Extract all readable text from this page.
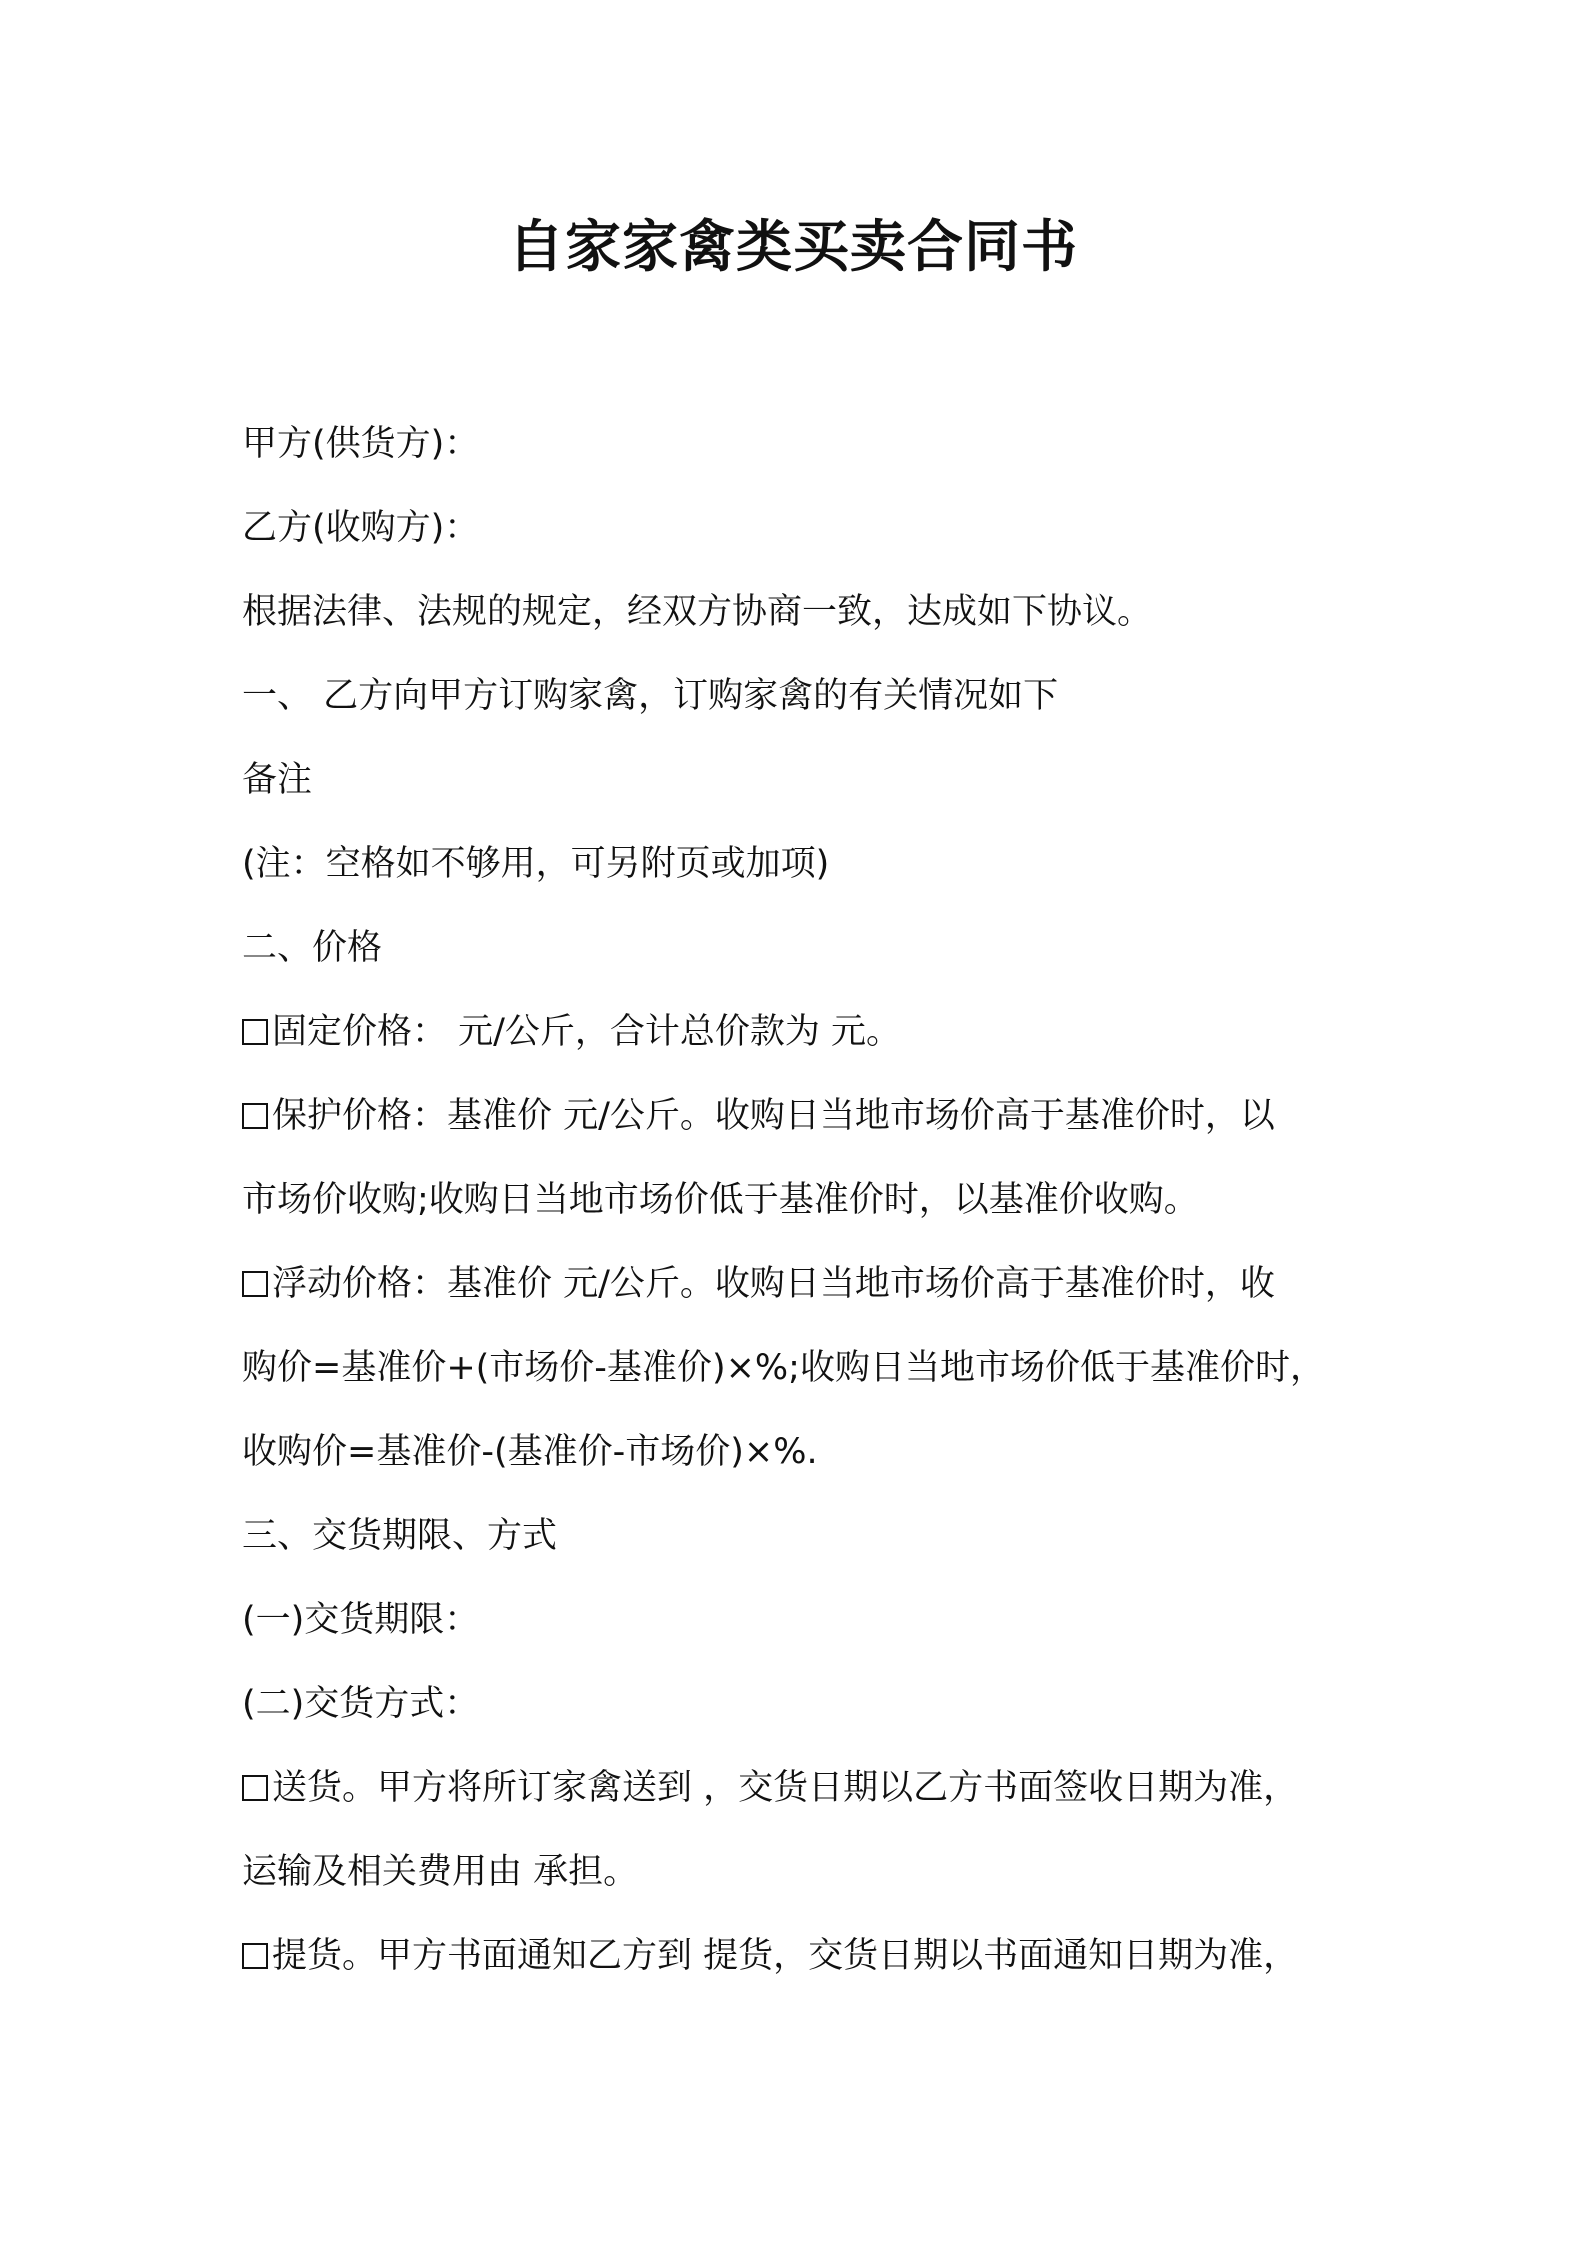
自家家禽类买卖合同书

甲方(供货方)：

乙方(收购方)：

根据法律、法规的规定，经双方协商一致，达成如下协议。

一、 乙方向甲方订购家禽，订购家禽的有关情况如下

备注

(注：空格如不够用，可另附页或加项)

二、价格

固定价格： 元/公斤，合计总价款为 元。

保护价格：基准价 元/公斤。收购日当地市场价高于基准价时，以

市场价收购;收购日当地市场价低于基准价时，以基准价收购。

浮动价格：基准价 元/公斤。收购日当地市场价高于基准价时，收

购价=基准价+(市场价-基准价)×%;收购日当地市场价低于基准价时，

收购价=基准价-(基准价-市场价)×%.

三、交货期限、方式

(一)交货期限：

(二)交货方式：

送货。甲方将所订家禽送到 ，交货日期以乙方书面签收日期为准，

运输及相关费用由 承担。

提货。甲方书面通知乙方到 提货，交货日期以书面通知日期为准，
